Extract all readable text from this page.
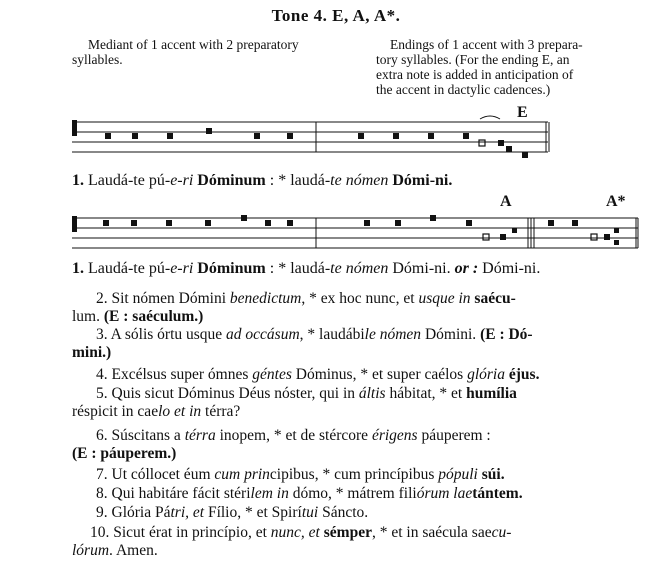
Tone 4. E, A, A*.
Mediant of 1 accent with 2 preparatory
syllables.
Endings of 1 accent with 3 prepara-
tory syllables. (For the ending E, an
extra note is added in anticipation of
the accent in dactylic cadences.)
E
1. Laudá-te pú-e-ri Dóminum : * laudá-te nómen Dómi-ni.
A	A*
1. Laudá-te pú-e-ri Dóminum : * laudá-te nómen Dómi-ni. or : Dómi-ni.
2. Sit nómen Dómini benedictum, * ex hoc nunc, et usque in saécu-
lum. (E : saéculum.)
3. A sólis órtu usque ad occásum, * laudábile nómen Dómini. (E : Dó-
mini.)
4. Excélsus super ómnes géntes Dóminus, * et super caélos glória éjus.
5. Quis sicut Dóminus Déus nóster, qui in áltis hábitat, * et humília
réspicit in caelo et in térra?
6. Súscitans a térra inopem, * et de stércore érigens páuperem :
(E : páuperem.)
7. Ut cóllocet éum cum principibus, * cum princípibus pópuli súi.
8. Qui habitáre fácit stérilem in dómo, * mátrem filiórum laetántem.
9. Glória Pátri, et Fílio, * et Spirítui Sáncto.
10. Sicut érat in princípio, et nunc, et sémper, * et in saécula saecu-
lórum. Amen.
